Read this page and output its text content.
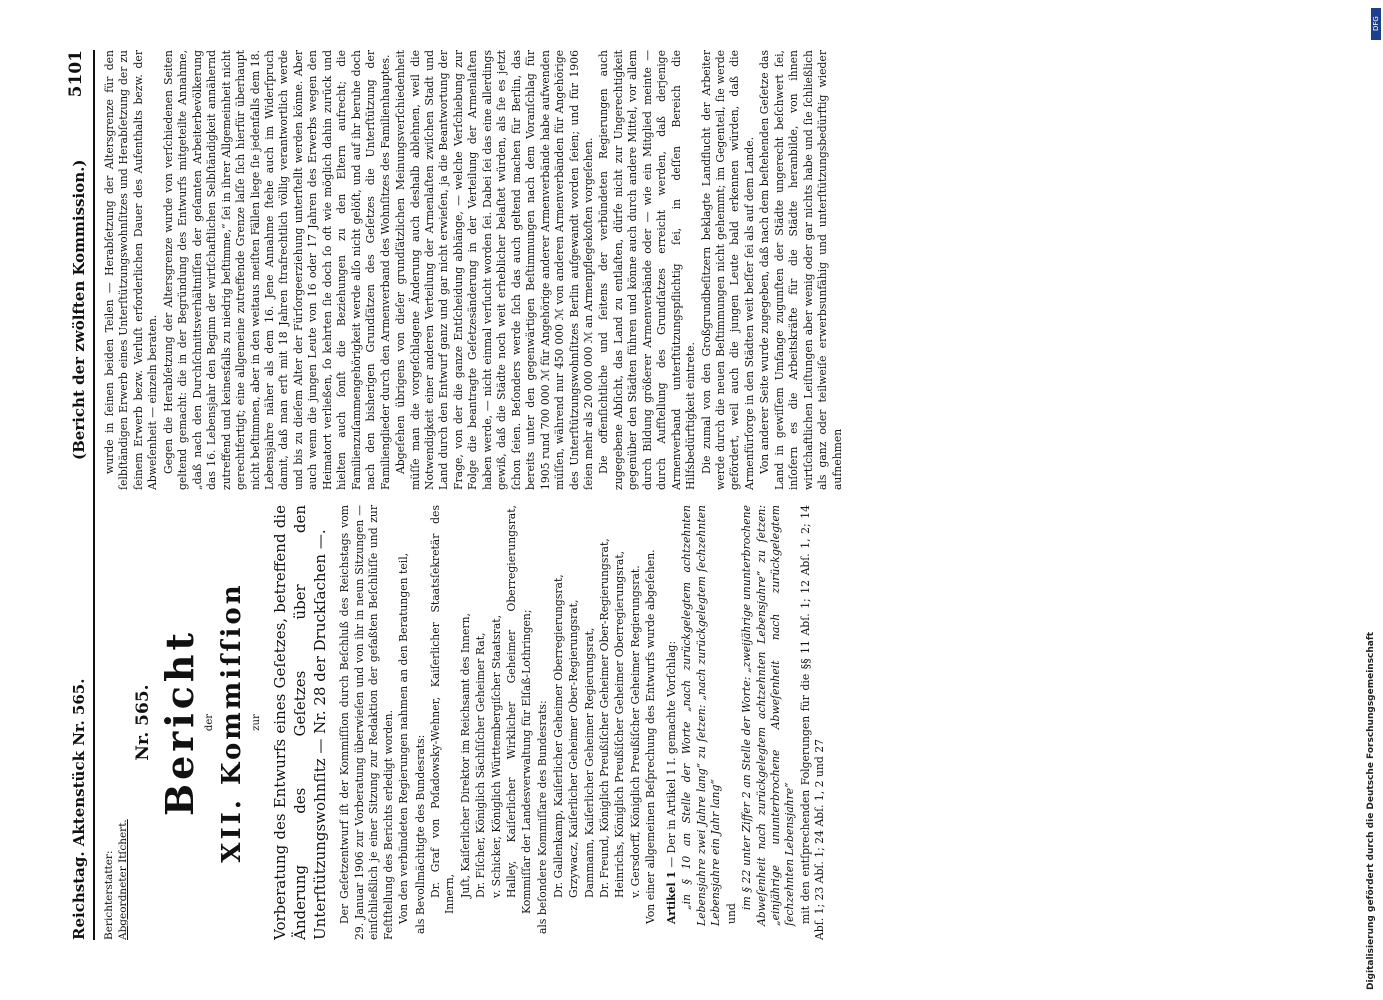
Reichstag. Aktenstück Nr. 565.
(Bericht der zwölften Kommission.)
5101
Berichterstatter: Abgeordneter Itſchert.
Nr. 565. Bericht der XII. Kommiſſion zur Vorberatung des Entwurfs eines Geſetzes, betreffend die Änderung des Geſetzes über den Unterſtützungswohnſitz — Nr. 28 der Druckſachen —. Der Geſetzentwurf iſt der Kommiſſion durch Beſchluß des Reichstags vom 29. Januar 1906 zur Vorberatung überwieſen und von ihr in neun Sitzungen — einſchließlich je einer Sitzung zur Redaktion der gefaßten Beſchlüſſe und zur Feſtſtellung des Berichts erledigt worden. Von den verbündeten Regierungen nahmen an den Beratungen teil, als Bevollmächtigte des Bundesrats: Dr. Graf von Poſadowsky-Wehner, Kaiſerlicher Staatsſekretär des Innern, Juſt, Kaiſerlicher Direktor im Reichsamt des Innern, Dr. Fiſcher, Königlich Sächſiſcher Geheimer Rat, v. Schicker, Königlich Württembergiſcher Staatsrat, Halley, Kaiſerlicher Wirklicher Geheimer Oberregierungsrat, Kommiſſar der Landesverwaltung für Elſaß-Lothringen; als beſondere Kommiſſare des Bundesrats: Dr. Gallenkamp, Kaiſerlicher Geheimer Oberregierungsrat, Grzywacz, Kaiſerlicher Geheimer Ober-Regierungsrat, Dammann, Kaiſerlicher Geheimer Regierungsrat, Dr. Freund, Königlich Preußiſcher Geheimer Ober-Regierungsrat, Heinrichs, Königlich Preußiſcher Geheimer Oberregierungsrat, v. Gersdorff, Königlich Preußiſcher Geheimer Regierungsrat. Von einer allgemeinen Beſprechung des Entwurfs wurde abgeſehen. Artikel 1 — Der in Artikel 1 I. gemachte Vorſchlag: „in § 10 an Stelle der Worte „nach zurückgelegtem achtzehnten Lebensjahre zwei Jahre lang“ zu ſetzen: „nach zurückgelegtem ſechzehnten Lebensjahre ein Jahr lang“ und

im § 22 unter Ziffer 2 an Stelle der Worte: „zweijährige ununterbrochene Abweſenheit nach zurückgelegtem achtzehnten Lebensjahre“ zu ſetzen: „einjährige ununterbrochene Abweſenheit nach zurückgelegtem ſechzehnten Lebensjahre“ mit den entſprechenden Folgerungen für die §§ 11 Abſ. 1; 12 Abſ. 1, 2; 14 Abſ. 1; 23 Abſ. 1; 24 Abſ. 1, 2 und 27

wurde in ſeinen beiden Teilen — Herabſetzung der Altersgrenze für den ſelbſtändigen Erwerb eines Unterſtützungswohnſitzes und Herabſetzung der zu ſeinem Erwerb bezw. Verluſt erforderlichen Dauer des Aufenthalts bezw. der Abweſenheit — einzeln beraten. Gegen die Herabſetzung der Altersgrenze wurde von verſchiedenen Seiten geltend gemacht: die in der Begründung des Entwurfs mitgeteilte Annahme, „daß nach den Durchſchnittsverhältniſſen der geſamten Arbeiterbevölkerung das 16. Lebensjahr den Beginn der wirtſchaftlichen Selbſtändigkeit annähernd zutreffend und keinesfalls zu niedrig beſtimme,“ ſei in ihrer Allgemeinheit nicht gerechtfertigt; eine allgemeine zutreffende Grenze laſſe ſich hierfür überhaupt nicht beſtimmen, aber in den weitaus meiſten Fällen liege ſie jedenfalls dem 18. Lebensjahre näher als dem 16. Jene Annahme ſtehe auch im Widerſpruch damit, daß man erſt mit 18 Jahren ſtrafrechtlich völlig verantwortlich werde und bis zu dieſem Alter der Fürſorgeerziehung unterſtellt werden könne. Aber auch wenn die jungen Leute von 16 oder 17 Jahren des Erwerbs wegen den Heimatort verließen, ſo kehrten ſie doch ſo oft wie möglich dahin zurück und hielten auch ſonſt die Beziehungen zu den Eltern aufrecht; die Familienzuſammengehörigkeit werde alſo nicht gelöſt, und auf ihr beruhe doch nach den bisherigen Grundſätzen des Geſetzes die Unterſtützung der Familienglieder durch den Armenverband des Wohnſitzes des Familienhauptes. Abgeſehen übrigens von dieſer grundſätzlichen Meinungsverſchiedenheit müſſe man die vorgeſchlagene Änderung auch deshalb ablehnen, weil die Notwendigkeit einer anderen Verteilung der Armenlaſten zwiſchen Stadt und Land durch den Entwurf ganz und gar nicht erwieſen, ja die Beantwortung der Frage, von der die ganze Entſcheidung abhänge, — welche Verſchiebung zur Folge die beantragte Geſetzesänderung in der Verteilung der Armenlaſten haben werde, — nicht einmal verſucht worden ſei. Dabei ſei das eine allerdings gewiß, daß die Städte noch weit erheblicher belaſtet würden, als ſie es jetzt ſchon ſeien. Beſonders werde ſich das auch geltend machen für Berlin, das bereits unter den gegenwärtigen Beſtimmungen nach dem Voranſchlag für 1905 rund 700 000 ℳ für Angehörige anderer Armenverbände habe aufwenden müſſen, während nur 450 000 ℳ von anderen Armenverbänden für Angehörige des Unterſtützungswohnſitzes Berlin aufgewandt worden ſeien; und für 1906 ſeien mehr als 20 000 000 ℳ an Armenpflegekoſten vorgeſehen. Die offenſichtliche und ſeitens der verbündeten Regierungen auch zugegebene Abſicht, das Land zu entlaſten, dürfe nicht zur Ungerechtigkeit gegenüber den Städten führen und könne auch durch andere Mittel, vor allem durch Bildung größerer Armenverbände oder — wie ein Mitglied meinte — durch Aufſtellung des Grundſatzes erreicht werden, daß derjenige Armenverband unterſtützungspflichtig ſei, in deſſen Bereich die Hilfsbedürftigkeit eintrete. Die zumal von den Großgrundbeſitzern beklagte Landflucht der Arbeiter werde durch die neuen Beſtimmungen nicht gehemmt; im Gegenteil, ſie werde gefördert, weil auch die jungen Leute bald erkennen würden, daß die Armenfürſorge in den Städten weit beſſer ſei als auf dem Lande. Von anderer Seite wurde zugegeben, daß nach dem beſtehenden Geſetze das Land in gewiſſem Umfange zugunſten der Städte ungerecht beſchwert ſei, inſofern es die Arbeitskräfte für die Städte heranbilde, von ihnen wirtſchaftlichen Leiſtungen aber wenig oder gar nichts habe und ſie ſchließlich als ganz oder teilweiſe erwerbsunfähig und unterſtützungsbedürftig wieder aufnehmen

DFG
Digitalisierung gefördert durch die Deutsche Forschungsgemeinschaft
